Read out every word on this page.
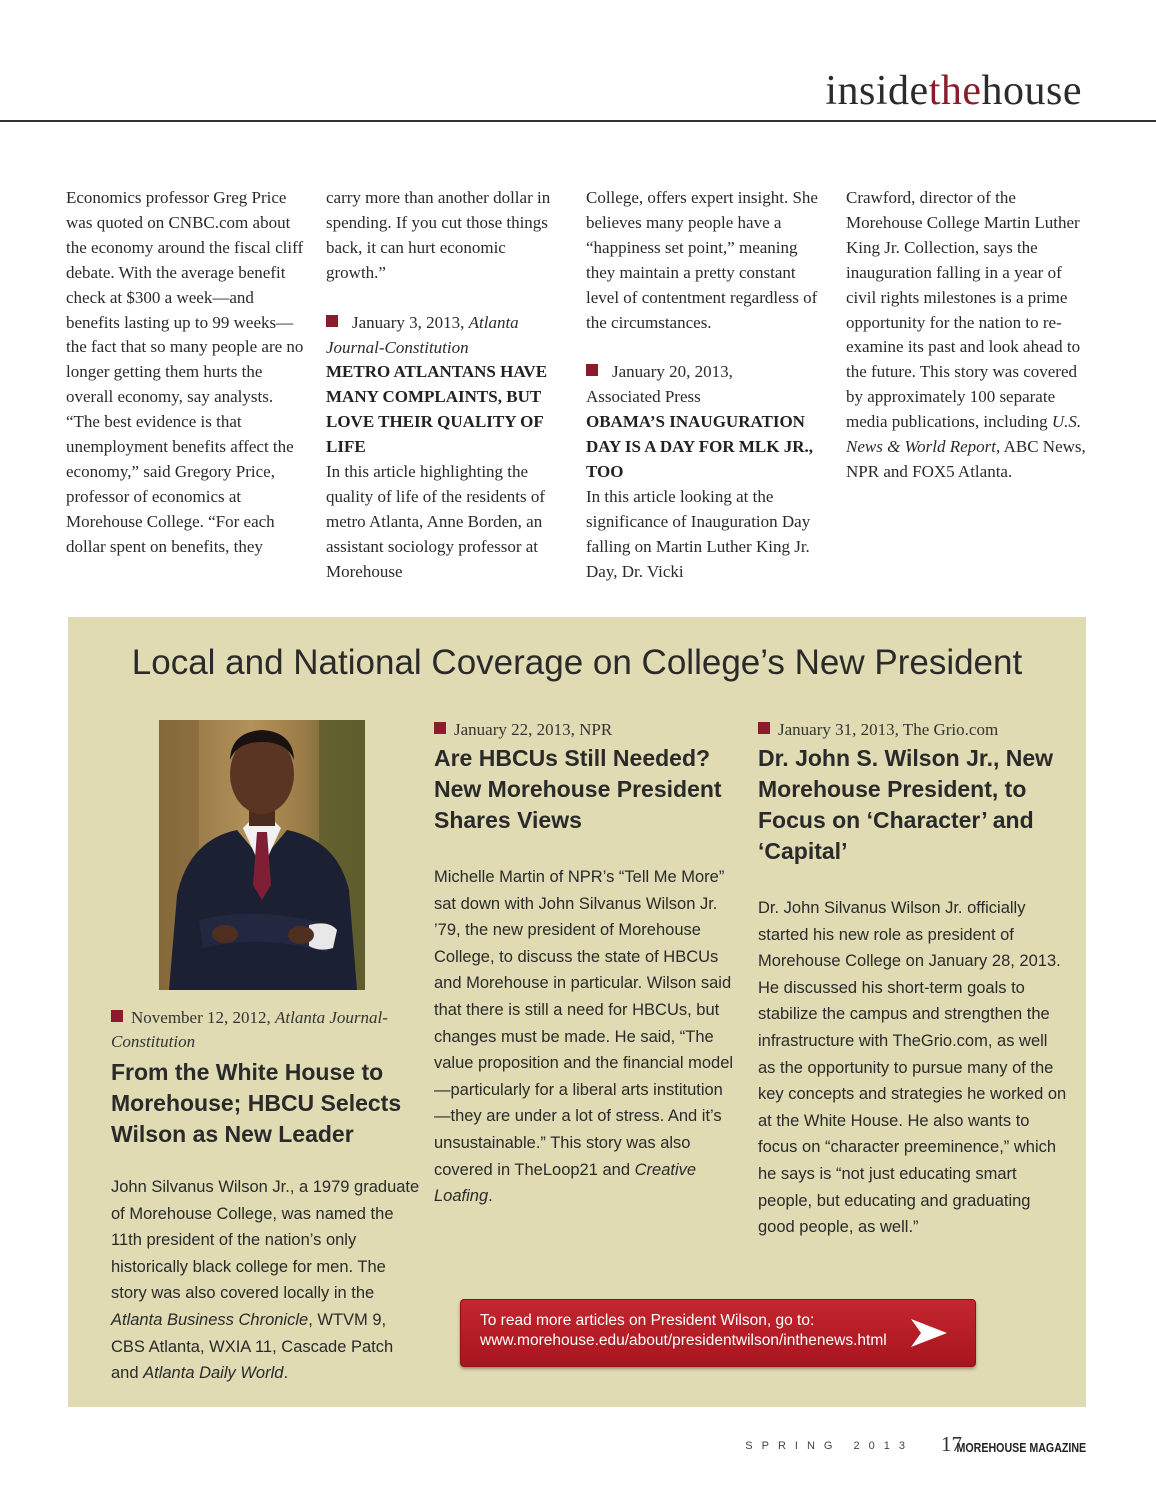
insidethehouse

Economics professor Greg Price was quoted on CNBC.com about the economy around the fiscal cliff debate. With the average benefit check at $300 a week—and benefits lasting up to 99 weeks—the fact that so many people are no longer getting them hurts the overall economy, say analysts. “The best evidence is that unemployment benefits affect the economy,” said Gregory Price, professor of economics at Morehouse College. “For each dollar spent on benefits, they

carry more than another dollar in spending. If you cut those things back, it can hurt economic growth.”

January 3, 2013, Atlanta Journal-Constitution

METRO ATLANTANS HAVE MANY COMPLAINTS, BUT LOVE THEIR QUALITY OF LIFE

In this article highlighting the quality of life of the residents of metro Atlanta, Anne Borden, an assistant sociology professor at Morehouse

College, offers expert insight. She believes many people have a “happiness set point,” meaning they maintain a pretty constant level of contentment regardless of the circumstances.

January 20, 2013,
Associated Press

OBAMA’S INAUGURATION DAY IS A DAY FOR MLK JR., TOO

In this article looking at the significance of Inauguration Day falling on Martin Luther King Jr. Day, Dr. Vicki

Crawford, director of the Morehouse College Martin Luther King Jr. Collection, says the inauguration falling in a year of civil rights milestones is a prime opportunity for the nation to re-examine its past and look ahead to the future. This story was covered by approximately 100 separate media publications, including U.S. News & World Report, ABC News, NPR and FOX5 Atlanta.

Local and National Coverage on College’s New President
November 12, 2012, Atlanta Journal-Constitution

From the White House to Morehouse; HBCU Selects Wilson as New Leader

John Silvanus Wilson Jr., a 1979 graduate of Morehouse College, was named the 11th president of the nation’s only historically black college for men. The story was also covered locally in the Atlanta Business Chronicle, WTVM 9, CBS Atlanta, WXIA 11, Cascade Patch and Atlanta Daily World.

January 22, 2013, NPR

Are HBCUs Still Needed? New Morehouse President Shares Views

Michelle Martin of NPR’s “Tell Me More” sat down with John Silvanus Wilson Jr. ’79, the new president of Morehouse College, to discuss the state of HBCUs and Morehouse in particular. Wilson said that there is still a need for HBCUs, but changes must be made. He said, “The value proposition and the financial model—particularly for a liberal arts institution—they are under a lot of stress. And it’s unsustainable.” This story was also covered in TheLoop21 and Creative Loafing.

January 31, 2013, The Grio.com

Dr. John S. Wilson Jr., New Morehouse President, to Focus on ‘Character’ and ‘Capital’

Dr. John Silvanus Wilson Jr. officially started his new role as president of Morehouse College on January 28, 2013. He discussed his short-term goals to stabilize the campus and strengthen the infrastructure with TheGrio.com, as well as the opportunity to pursue many of the key concepts and strategies he worked on at the White House. He also wants to focus on “character preeminence,” which he says is “not just educating smart people, but educating and graduating good people, as well.”

To read more articles on President Wilson, go to:
www.morehouse.edu/about/presidentwilson/inthenews.html
SPRING 2013 17
MOREHOUSE MAGAZINE
